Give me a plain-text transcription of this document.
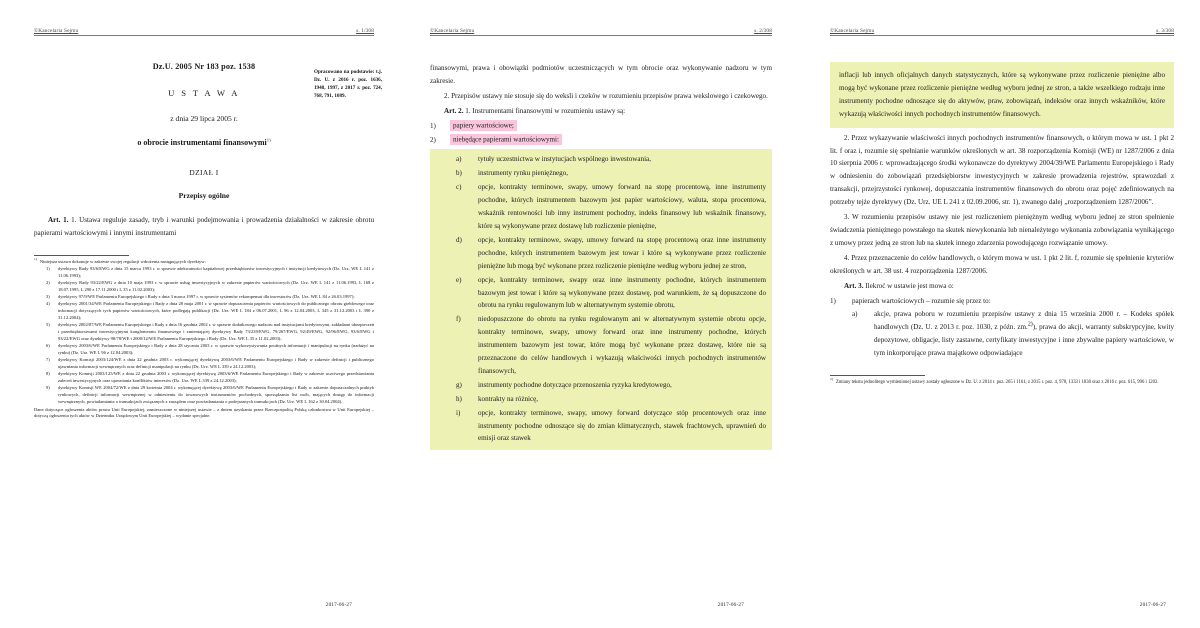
©Kancelaria Sejmu	s. 1/308
Opracowano na podstawie: t.j. Dz. U. z 2016 r. poz. 1636, 1948, 1997, z 2017 r. poz. 724, 768, 791, 1089.
Dz.U. 2005 Nr 183 poz. 1538
U S T A W A
z dnia 29 lipca 2005 r.
o obrocie instrumentami finansowymi$^{1)}$
DZIAŁ I
Przepisy ogólne

Art. 1. 1. Ustawa reguluje zasady, tryb i warunki podejmowania i prowadzenia działalności w zakresie obrotu papierami wartościowymi i innymi instrumentami

1) Niniejsza ustawa dokonuje w zakresie swojej regulacji wdrożenia następujących dyrektyw:
1)	dyrektywy Rady 93/6/EWG z dnia 15 marca 1993 r. w sprawie adekwatności kapitałowej przedsiębiorstw inwestycyjnych i instytucji kredytowych (Dz. Urz. WE L 141 z 11.06.1993);
2)	dyrektywy Rady 93/22/EWG z dnia 10 maja 1993 r. w sprawie usług inwestycyjnych w zakresie papierów wartościowych (Dz. Urz. WE L 141 z 11.06.1993, L 168 z 18.07.1995, L 290 z 17.11.2000 i L 35 z 11.02.2003);
3)	dyrektywy 97/9/WE Parlamentu Europejskiego i Rady z dnia 3 marca 1997 r. w sprawie systemów rekompensat dla inwestorów (Dz. Urz. WE L 84 z 26.03.1997);
4)	dyrektywy 2001/34/WE Parlamentu Europejskiego i Rady z dnia 28 maja 2001 r. w sprawie dopuszczenia papierów wartościowych do publicznego obrotu giełdowego oraz informacji dotyczących tych papierów wartościowych, które podlegają publikacji (Dz. Urz. WE L 184 z 06.07.2001, L 96 z 12.04.2003, L 345 z 31.12.2003 i L 390 z 31.12.2004);
5)	dyrektywy 2002/87/WE Parlamentu Europejskiego i Rady z dnia 16 grudnia 2002 r. w sprawie dodatkowego nadzoru nad instytucjami kredytowymi, zakładami ubezpieczeń i przedsiębiorstwami inwestycyjnymi konglomeratu finansowego i zmieniającej dyrektywy Rady 73/239/EWG, 79/267/EWG, 92/49/EWG, 92/96/EWG, 93/6/EWG i 93/22/EWG oraz dyrektywy 98/78/WE i 2000/12/WE Parlamentu Europejskiego i Rady (Dz. Urz. WE L 35 z 11.02.2003);
6)	dyrektywy 2003/6/WE Parlamentu Europejskiego i Rady z dnia 28 stycznia 2003 r. w sprawie wykorzystywania poufnych informacji i manipulacji na rynku (nadużyć na rynku) (Dz. Urz. WE L 96 z 12.04.2003);
7)	dyrektywy Komisji 2003/124/WE z dnia 22 grudnia 2003 r. wykonującej dyrektywę 2003/6/WE Parlamentu Europejskiego i Rady w zakresie definicji i publicznego ujawniania informacji wewnętrznych oraz definicji manipulacji na rynku (Dz. Urz. WE L 339 z 24.12.2003);
8)	dyrektywy Komisji 2003/125/WE z dnia 22 grudnia 2003 r. wykonującej dyrektywę 2003/6/WE Parlamentu Europejskiego i Rady w zakresie uczciwego przedstawiania zaleceń inwestycyjnych oraz ujawniania konfliktów interesów (Dz. Urz. WE L 339 z 24.12.2003);
9)	dyrektywy Komisji WE 2004/72/WE z dnia 29 kwietnia 2004 r. wykonującej dyrektywę 2003/6/WE Parlamentu Europejskiego i Rady w zakresie dopuszczalnych praktyk rynkowych, definicji informacji wewnętrznej w odniesieniu do towarowych instrumentów pochodnych, sporządzania list osób, mających dostęp do informacji wewnętrznych, powiadamiania o transakcjach związanych z zarządem oraz powiadamiania o podejrzanych transakcjach (Dz. Urz. WE L 162 z 30.04.2004).
Dane dotyczące ogłoszenia aktów prawa Unii Europejskiej, zamieszczone w niniejszej ustawie – z dniem uzyskania przez Rzeczpospolitą Polską członkostwa w Unii Europejskiej – dotyczą ogłoszenia tych aktów w Dzienniku Urzędowym Unii Europejskiej – wydanie specjalne.
2017-06-27
©Kancelaria Sejmu	s. 2/308

finansowymi, prawa i obowiązki podmiotów uczestniczących w tym obrocie oraz wykonywanie nadzoru w tym zakresie.

2. Przepisów ustawy nie stosuje się do weksli i czeków w rozumieniu przepisów prawa wekslowego i czekowego.

Art. 2. 1. Instrumentami finansowymi w rozumieniu ustawy są:

1)	papiery wartościowe;
2)	niebędące papierami wartościowymi:
a)	tytuły uczestnictwa w instytucjach wspólnego inwestowania,
b)	instrumenty rynku pieniężnego,
c)	opcje, kontrakty terminowe, swapy, umowy forward na stopę procentową, inne instrumenty pochodne, których instrumentem bazowym jest papier wartościowy, waluta, stopa procentowa, wskaźnik rentowności lub inny instrument pochodny, indeks finansowy lub wskaźnik finansowy, które są wykonywane przez dostawę lub rozliczenie pieniężne,
d)	opcje, kontrakty terminowe, swapy, umowy forward na stopę procentową oraz inne instrumenty pochodne, których instrumentem bazowym jest towar i które są wykonywane przez rozliczenie pieniężne lub mogą być wykonane przez rozliczenie pieniężne według wyboru jednej ze stron,
e)	opcje, kontrakty terminowe, swapy oraz inne instrumenty pochodne, których instrumentem bazowym jest towar i które są wykonywane przez dostawę, pod warunkiem, że są dopuszczone do obrotu na rynku regulowanym lub w alternatywnym systemie obrotu,
f)	niedopuszczone do obrotu na rynku regulowanym ani w alternatywnym systemie obrotu opcje, kontrakty terminowe, swapy, umowy forward oraz inne instrumenty pochodne, których instrumentem bazowym jest towar, które mogą być wykonane przez dostawę, które nie są przeznaczone do celów handlowych i wykazują właściwości innych pochodnych instrumentów finansowych,
g)	instrumenty pochodne dotyczące przenoszenia ryzyka kredytowego,
h)	kontrakty na różnicę,
i)	opcje, kontrakty terminowe, swapy, umowy forward dotyczące stóp procentowych oraz inne instrumenty pochodne odnoszące się do zmian klimatycznych, stawek frachtowych, uprawnień do emisji oraz stawek
2017-06-27
©Kancelaria Sejmu	s. 3/308

inflacji lub innych oficjalnych danych statystycznych, które są wykonywane przez rozliczenie pieniężne albo mogą być wykonane przez rozliczenie pieniężne według wyboru jednej ze stron, a także wszelkiego rodzaju inne instrumenty pochodne odnoszące się do aktywów, praw, zobowiązań, indeksów oraz innych wskaźników, które wykazują właściwości innych pochodnych instrumentów finansowych.

2. Przez wykazywanie właściwości innych pochodnych instrumentów finansowych, o którym mowa w ust. 1 pkt 2 lit. f oraz i, rozumie się spełnianie warunków określonych w art. 38 rozporządzenia Komisji (WE) nr 1287/2006 z dnia 10 sierpnia 2006 r. wprowadzającego środki wykonawcze do dyrektywy 2004/39/WE Parlamentu Europejskiego i Rady w odniesieniu do zobowiązań przedsiębiorstw inwestycyjnych w zakresie prowadzenia rejestrów, sprawozdań z transakcji, przejrzystości rynkowej, dopuszczania instrumentów finansowych do obrotu oraz pojęć zdefiniowanych na potrzeby tejże dyrektywy (Dz. Urz. UE L 241 z 02.09.2006, str. 1), zwanego dalej „rozporządzeniem 1287/2006”.

3. W rozumieniu przepisów ustawy nie jest rozliczeniem pieniężnym według wyboru jednej ze stron spełnienie świadczenia pieniężnego powstałego na skutek niewykonania lub nienależytego wykonania zobowiązania wynikającego z umowy przez jedną ze stron lub na skutek innego zdarzenia powodującego rozwiązanie umowy.

4. Przez przeznaczenie do celów handlowych, o którym mowa w ust. 1 pkt 2 lit. f, rozumie się spełnienie kryteriów określonych w art. 38 ust. 4 rozporządzenia 1287/2006.

Art. 3. Ilekroć w ustawie jest mowa o:

1)	papierach wartościowych – rozumie się przez to:
a)	akcje, prawa poboru w rozumieniu przepisów ustawy z dnia 15 września 2000 r. – Kodeks spółek handlowych (Dz. U. z 2013 r. poz. 1030, z późn. zm.$^{2)}$), prawa do akcji, warranty subskrypcyjne, kwity depozytowe, obligacje, listy zastawne, certyfikaty inwestycyjne i inne zbywalne papiery wartościowe, w tym inkorporujące prawa majątkowe odpowiadające
2)
Zmiany tekstu jednolitego wymienionej ustawy zostały ogłoszone w Dz. U. z 2014 r. poz. 265 i 1161, z 2015 r. poz. 4, 978, 1333 i 1830 oraz z 2016 r. poz. 615, 996 i 1202.
2017-06-27
